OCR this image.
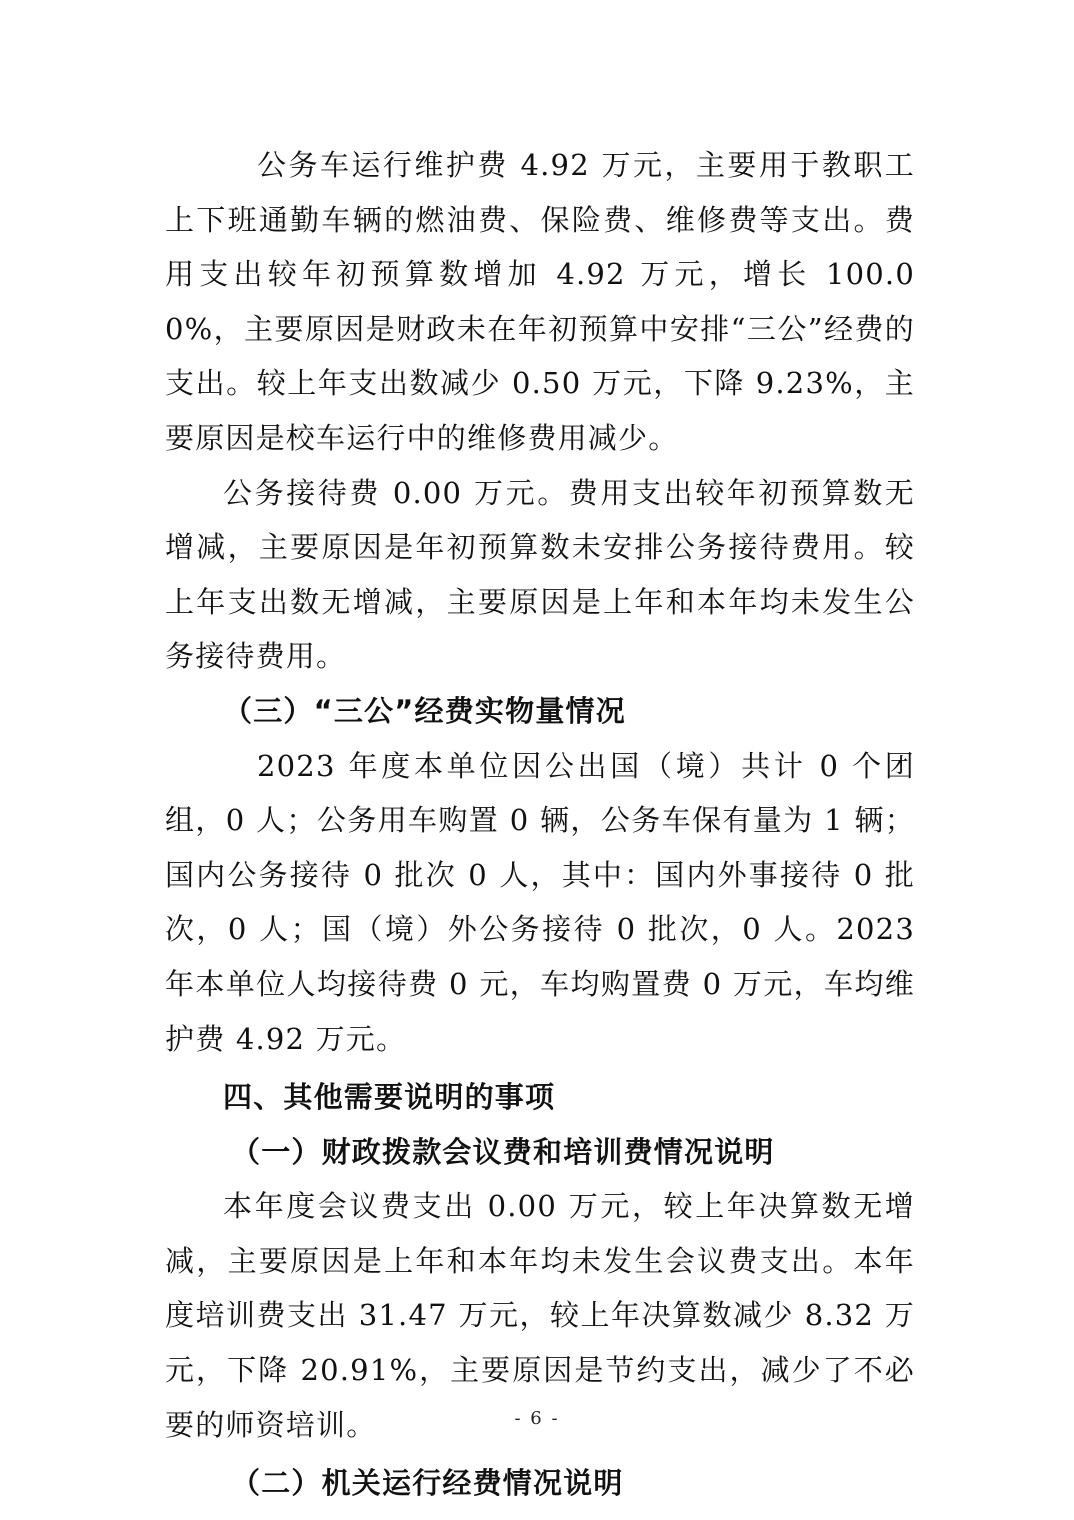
公务车运行维护费 4.92 万元，主要用于教职工上下班通勤车辆的燃油费、保险费、维修费等支出。费用支出较年初预算数增加 4.92 万元，增长 100.00%，主要原因是财政未在年初预算中安排“三公”经费的支出。较上年支出数减少 0.50 万元，下降 9.23%，主要原因是校车运行中的维修费用减少。

公务接待费 0.00 万元。费用支出较年初预算数无增减，主要原因是年初预算数未安排公务接待费用。较上年支出数无增减，主要原因是上年和本年均未发生公务接待费用。

（三）“三公”经费实物量情况

2023 年度本单位因公出国（境）共计 0 个团组，0 人；公务用车购置 0 辆，公务车保有量为 1 辆；国内公务接待 0 批次 0 人，其中：国内外事接待 0 批次，0 人；国（境）外公务接待 0 批次，0 人。2023 年本单位人均接待费 0 元，车均购置费 0 万元，车均维护费 4.92 万元。

四、其他需要说明的事项

（一）财政拨款会议费和培训费情况说明

本年度会议费支出 0.00 万元，较上年决算数无增减，主要原因是上年和本年均未发生会议费支出。本年度培训费支出 31.47 万元，较上年决算数减少 8.32 万元，下降 20.91%，主要原因是节约支出，减少了不必要的师资培训。

（二）机关运行经费情况说明

- 6 -
